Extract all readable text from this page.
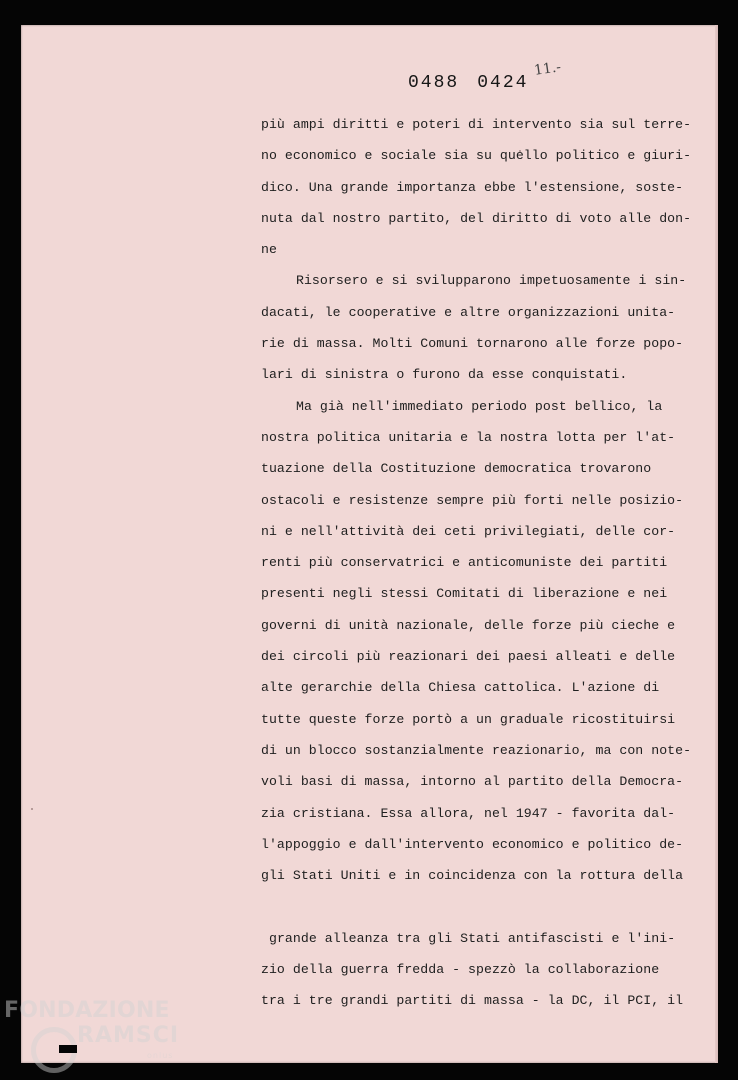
0488 0424
11.-
più ampi diritti e poteri di intervento sia sul terre-
no economico e sociale sia su quello politico e giuri-
dico. Una grande importanza ebbe l'estensione, soste-
nuta dal nostro partito, del diritto di voto alle don-
ne
Risorsero e si svilupparono impetuosamente i sin-
dacati, le cooperative e altre organizzazioni unita-
rie di massa. Molti Comuni tornarono alle forze popo-
lari di sinistra o furono da esse conquistati.
Ma già nell'immediato periodo post bellico, la
nostra politica unitaria e la nostra lotta per l'at-
tuazione della Costituzione democratica trovarono
ostacoli e resistenze sempre più forti nelle posizio-
ni e nell'attività dei ceti privilegiati, delle cor-
renti più conservatrici e anticomuniste dei partiti
presenti negli stessi Comitati di liberazione e nei
governi di unità nazionale, delle forze più cieche e
dei circoli più reazionari dei paesi alleati e delle
alte gerarchie della Chiesa cattolica. L'azione di
tutte queste forze portò a un graduale ricostituirsi
di un blocco sostanzialmente reazionario, ma con note-
voli basi di massa, intorno al partito della Democra-
zia cristiana. Essa allora, nel 1947 - favorita dal-
l'appoggio e dall'intervento economico e politico de-
gli Stati Uniti e in coincidenza con la rottura della
grande alleanza tra gli Stati antifascisti e l'ini-
zio della guerra fredda - spezzò la collaborazione
tra i tre grandi partiti di massa - la DC, il PCI, il
FONDAZIONE
RAMSCI
onlus
